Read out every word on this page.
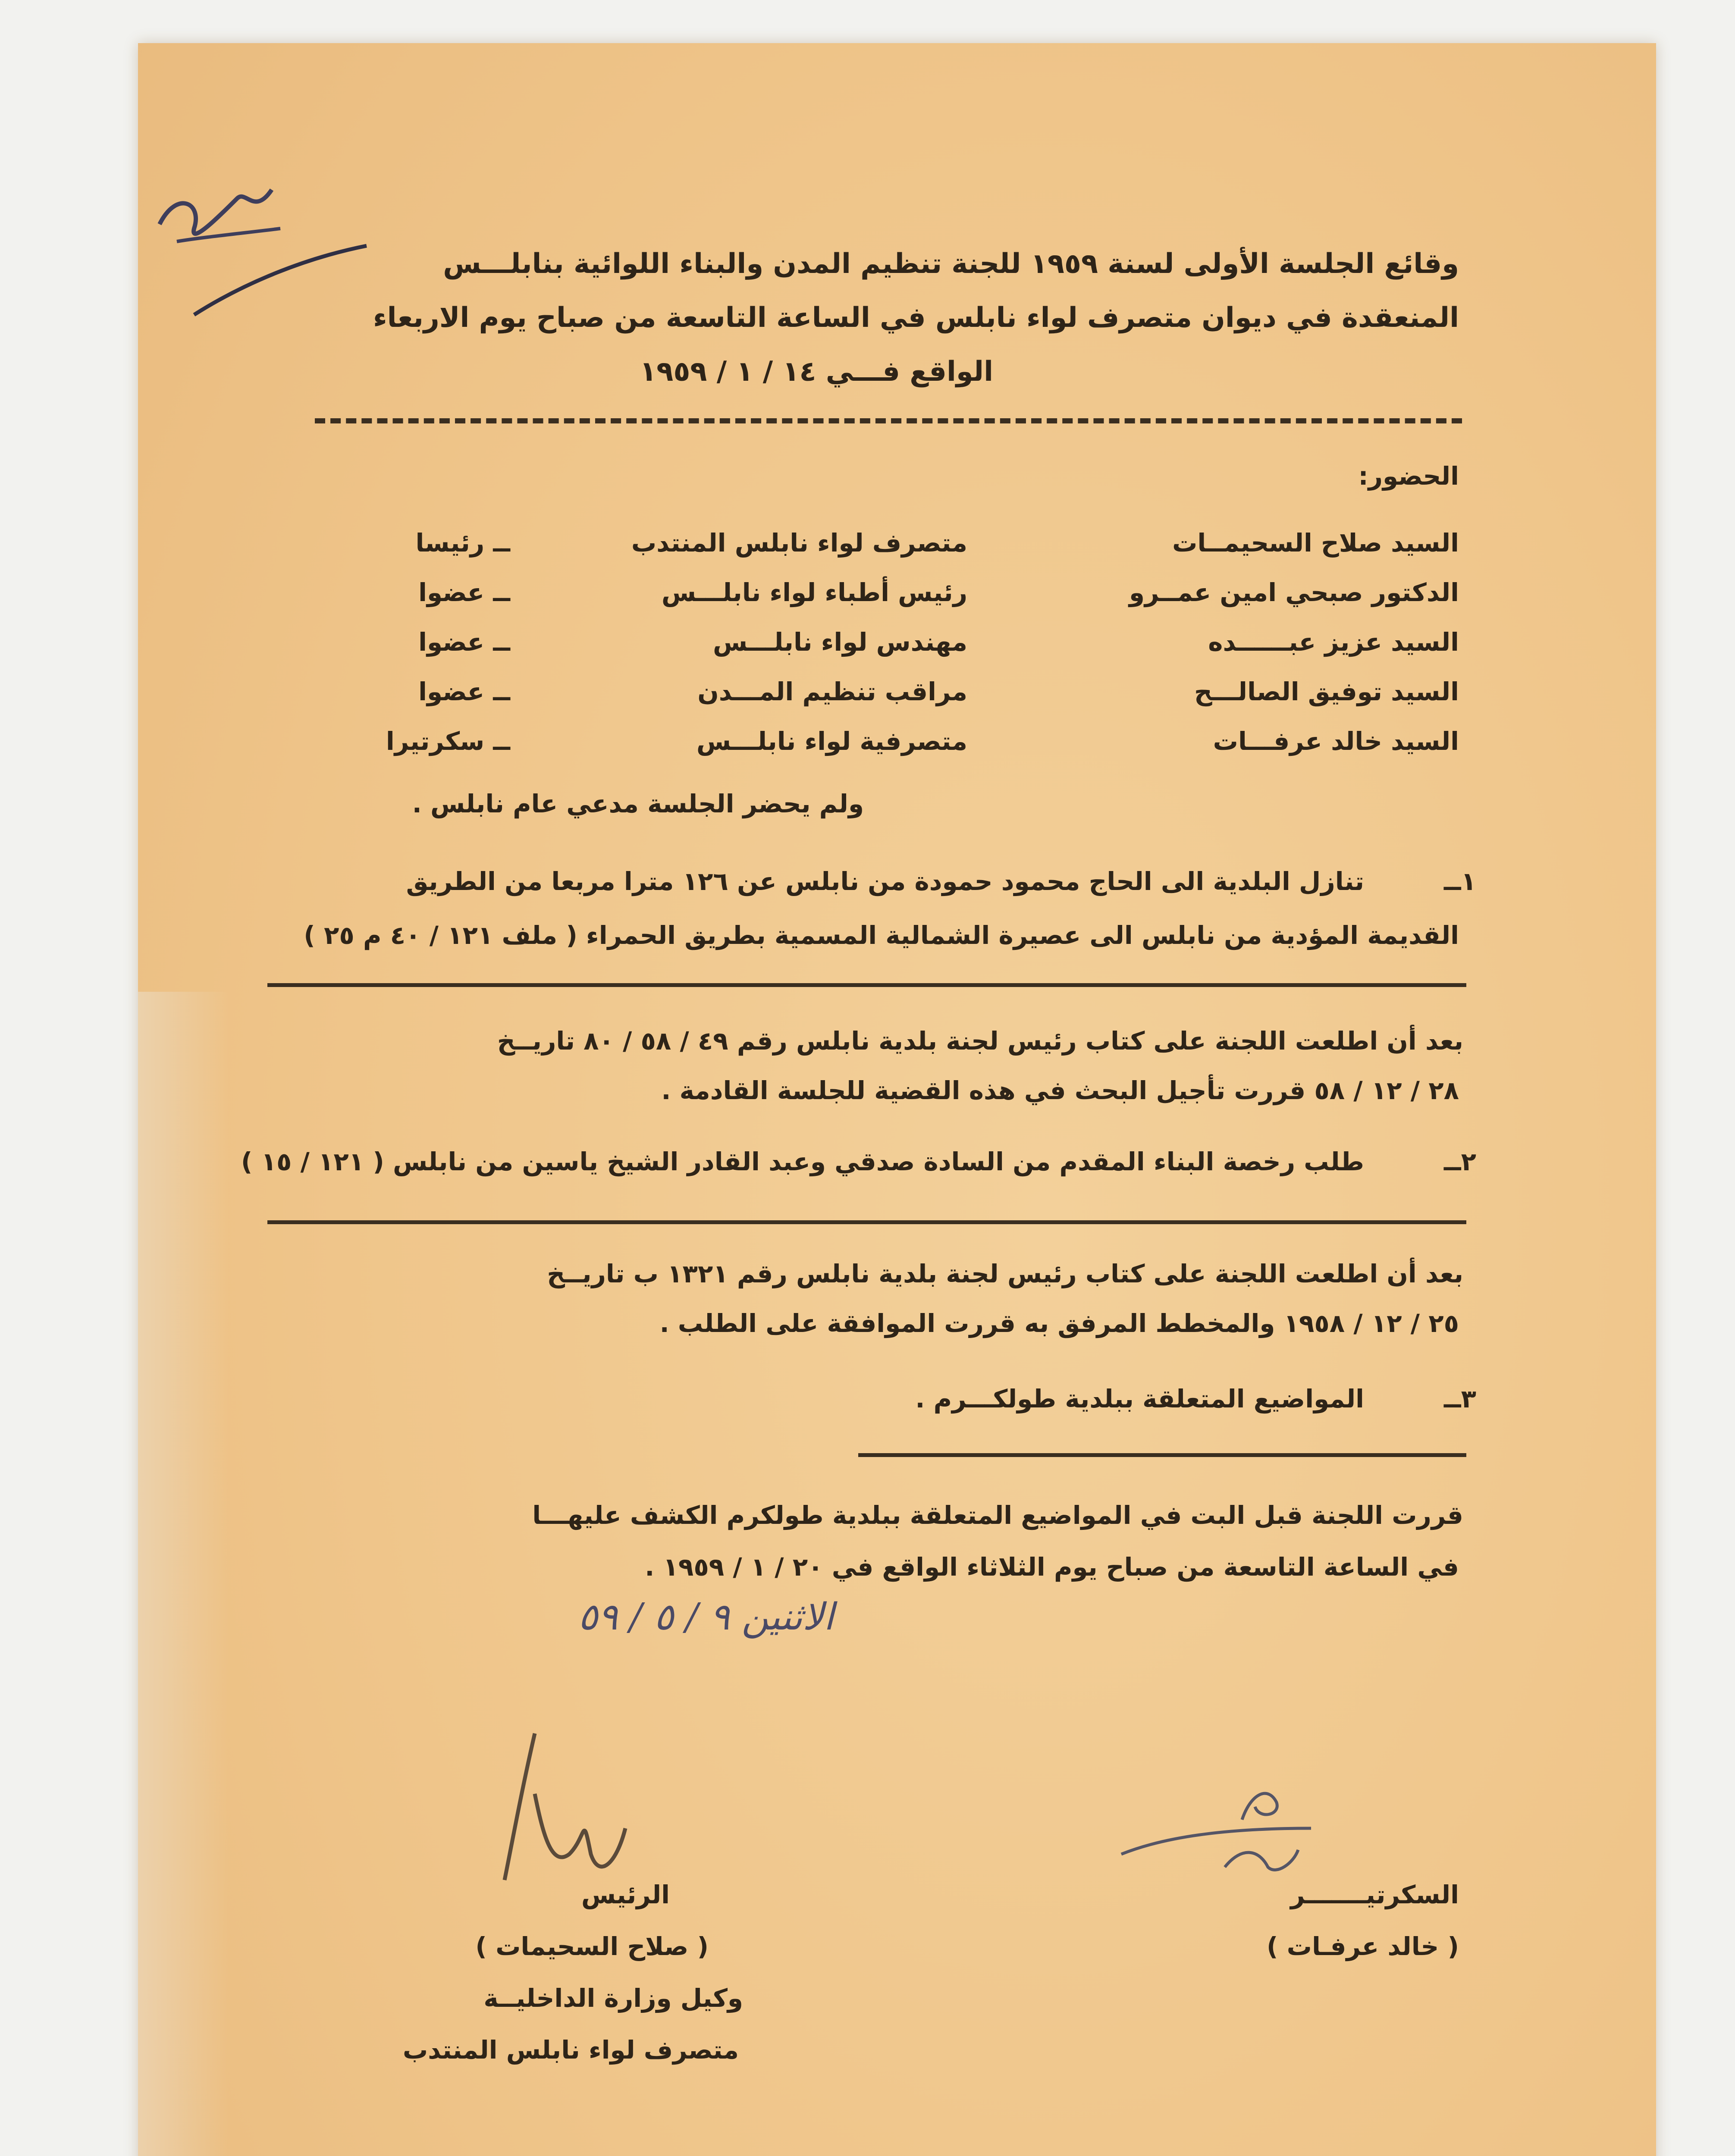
وقائع الجلسة الأولى لسنة ١٩٥٩ للجنة تنظيم المدن والبناء اللوائية بنابلـــس
المنعقدة في ديوان متصرف لواء نابلس في الساعة التاسعة من صباح يوم الاربعاء
الواقع فـــي ١٤ / ١ / ١٩٥٩
الحضور:
السيد صلاح السحيمــات
متصرف لواء نابلس المنتدب
ــ رئيسا
الدكتور صبحي امين عمــرو
رئيس أطباء لواء نابلـــس
ــ عضوا
السيد عزيز عبــــــده
مهندس لواء نابلـــس
ــ عضوا
السيد توفيق الصالـــح
مراقب تنظيم المـــدن
ــ عضوا
السيد خالد عرفـــات
متصرفية لواء نابلـــس
ــ سكرتيرا
ولم يحضر الجلسة مدعي عام نابلس .
١ــ
تنازل البلدية الى الحاج محمود حمودة من نابلس عن ١٢٦ مترا مربعا من الطريق
القديمة المؤدية من نابلس الى عصيرة الشمالية المسمية بطريق الحمراء ( ملف ١٢١ / ٤٠ م ٢٥ )
بعد أن اطلعت اللجنة على كتاب رئيس لجنة بلدية نابلس رقم ٤٩ / ٥٨ / ٨٠ تاريــخ
٢٨ / ١٢ / ٥٨ قررت تأجيل البحث في هذه القضية للجلسة القادمة .
٢ــ
طلب رخصة البناء المقدم من السادة صدقي وعبد القادر الشيخ ياسين من نابلس ( ١٢١ / ١٥ )
بعد أن اطلعت اللجنة على كتاب رئيس لجنة بلدية نابلس رقم ١٣٢١ ب تاريــخ
٢٥ / ١٢ / ١٩٥٨ والمخطط المرفق به قررت الموافقة على الطلب .
٣ــ
المواضيع المتعلقة ببلدية طولكـــرم .
قررت اللجنة قبل البت في المواضيع المتعلقة ببلدية طولكرم الكشف عليهـــا
في الساعة التاسعة من صباح يوم الثلاثاء الواقع في ٢٠ / ١ / ١٩٥٩ .
الاثنين ٩ / ٥ / ٥٩
الرئيس
( صلاح السحيمات )
وكيل وزارة الداخليــة
متصرف لواء نابلس المنتدب
السكرتيـــــــر
( خالد عرفـات )
